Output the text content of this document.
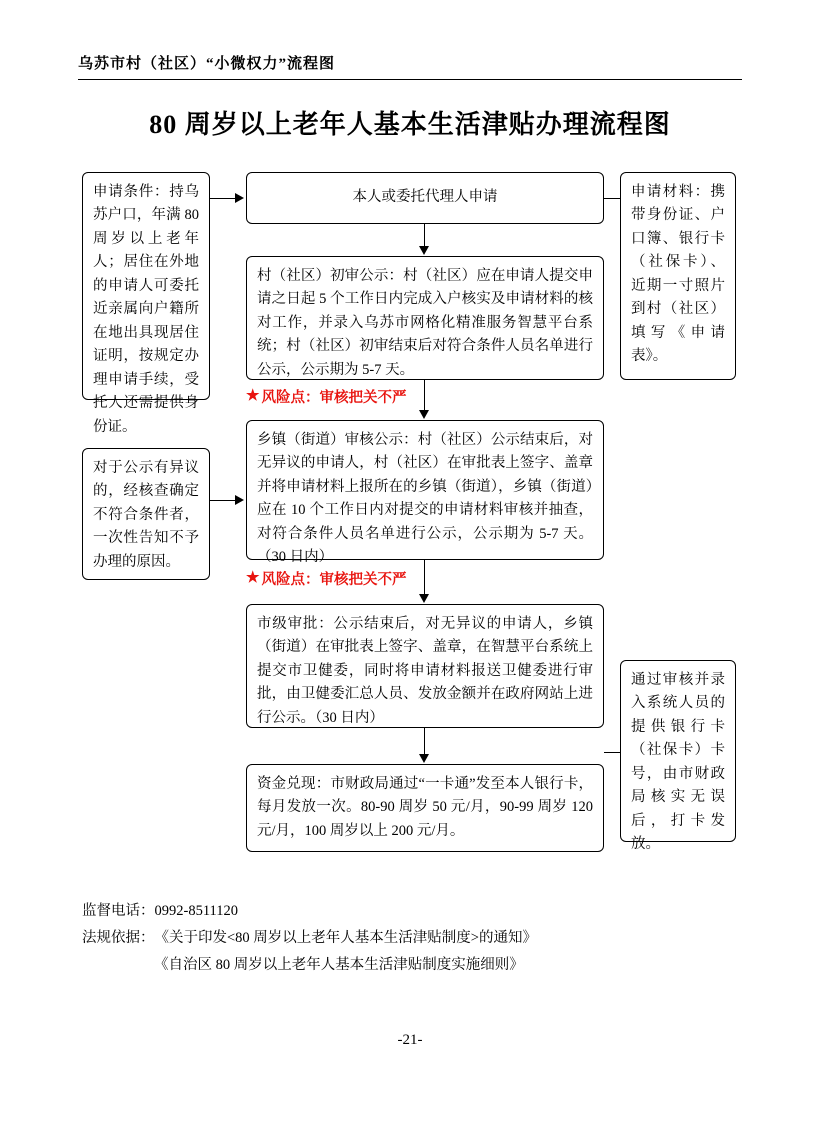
乌苏市村（社区）“小微权力”流程图
80 周岁以上老年人基本生活津贴办理流程图
申请条件：持乌苏户口，年满 80 周岁以上老年人；居住在外地的申请人可委托近亲属向户籍所在地出具现居住证明，按规定办理申请手续，受托人还需提供身份证。
对于公示有异议的，经核查确定不符合条件者，一次性告知不予办理的原因。
申请材料：携带身份证、户口簿、银行卡（社保卡）、近期一寸照片到村（社区）填写《申请表》。
通过审核并录入系统人员的提供银行卡（社保卡）卡号，由市财政局核实无误后，打卡发放。
本人或委托代理人申请
村（社区）初审公示：村（社区）应在申请人提交申请之日起 5 个工作日内完成入户核实及申请材料的核对工作，并录入乌苏市网格化精准服务智慧平台系统；村（社区）初审结束后对符合条件人员名单进行公示，公示期为 5-7 天。
乡镇（街道）审核公示：村（社区）公示结束后，对无异议的申请人，村（社区）在审批表上签字、盖章并将申请材料上报所在的乡镇（街道），乡镇（街道）应在 10 个工作日内对提交的申请材料审核并抽查，对符合条件人员名单进行公示，公示期为 5-7 天。（30 日内）
市级审批：公示结束后，对无异议的申请人，乡镇（街道）在审批表上签字、盖章，在智慧平台系统上提交市卫健委，同时将申请材料报送卫健委进行审批，由卫健委汇总人员、发放金额并在政府网站上进行公示。（30 日内）
资金兑现：市财政局通过“一卡通”发至本人银行卡，每月发放一次。80-90 周岁 50 元/月，90-99 周岁 120 元/月，100 周岁以上 200 元/月。
★ 风险点：审核把关不严
★ 风险点：审核把关不严
监督电话： 0992-8511120
法规依据： 《关于印发<80 周岁以上老年人基本生活津贴制度>的通知》
《自治区 80 周岁以上老年人基本生活津贴制度实施细则》
-21-
